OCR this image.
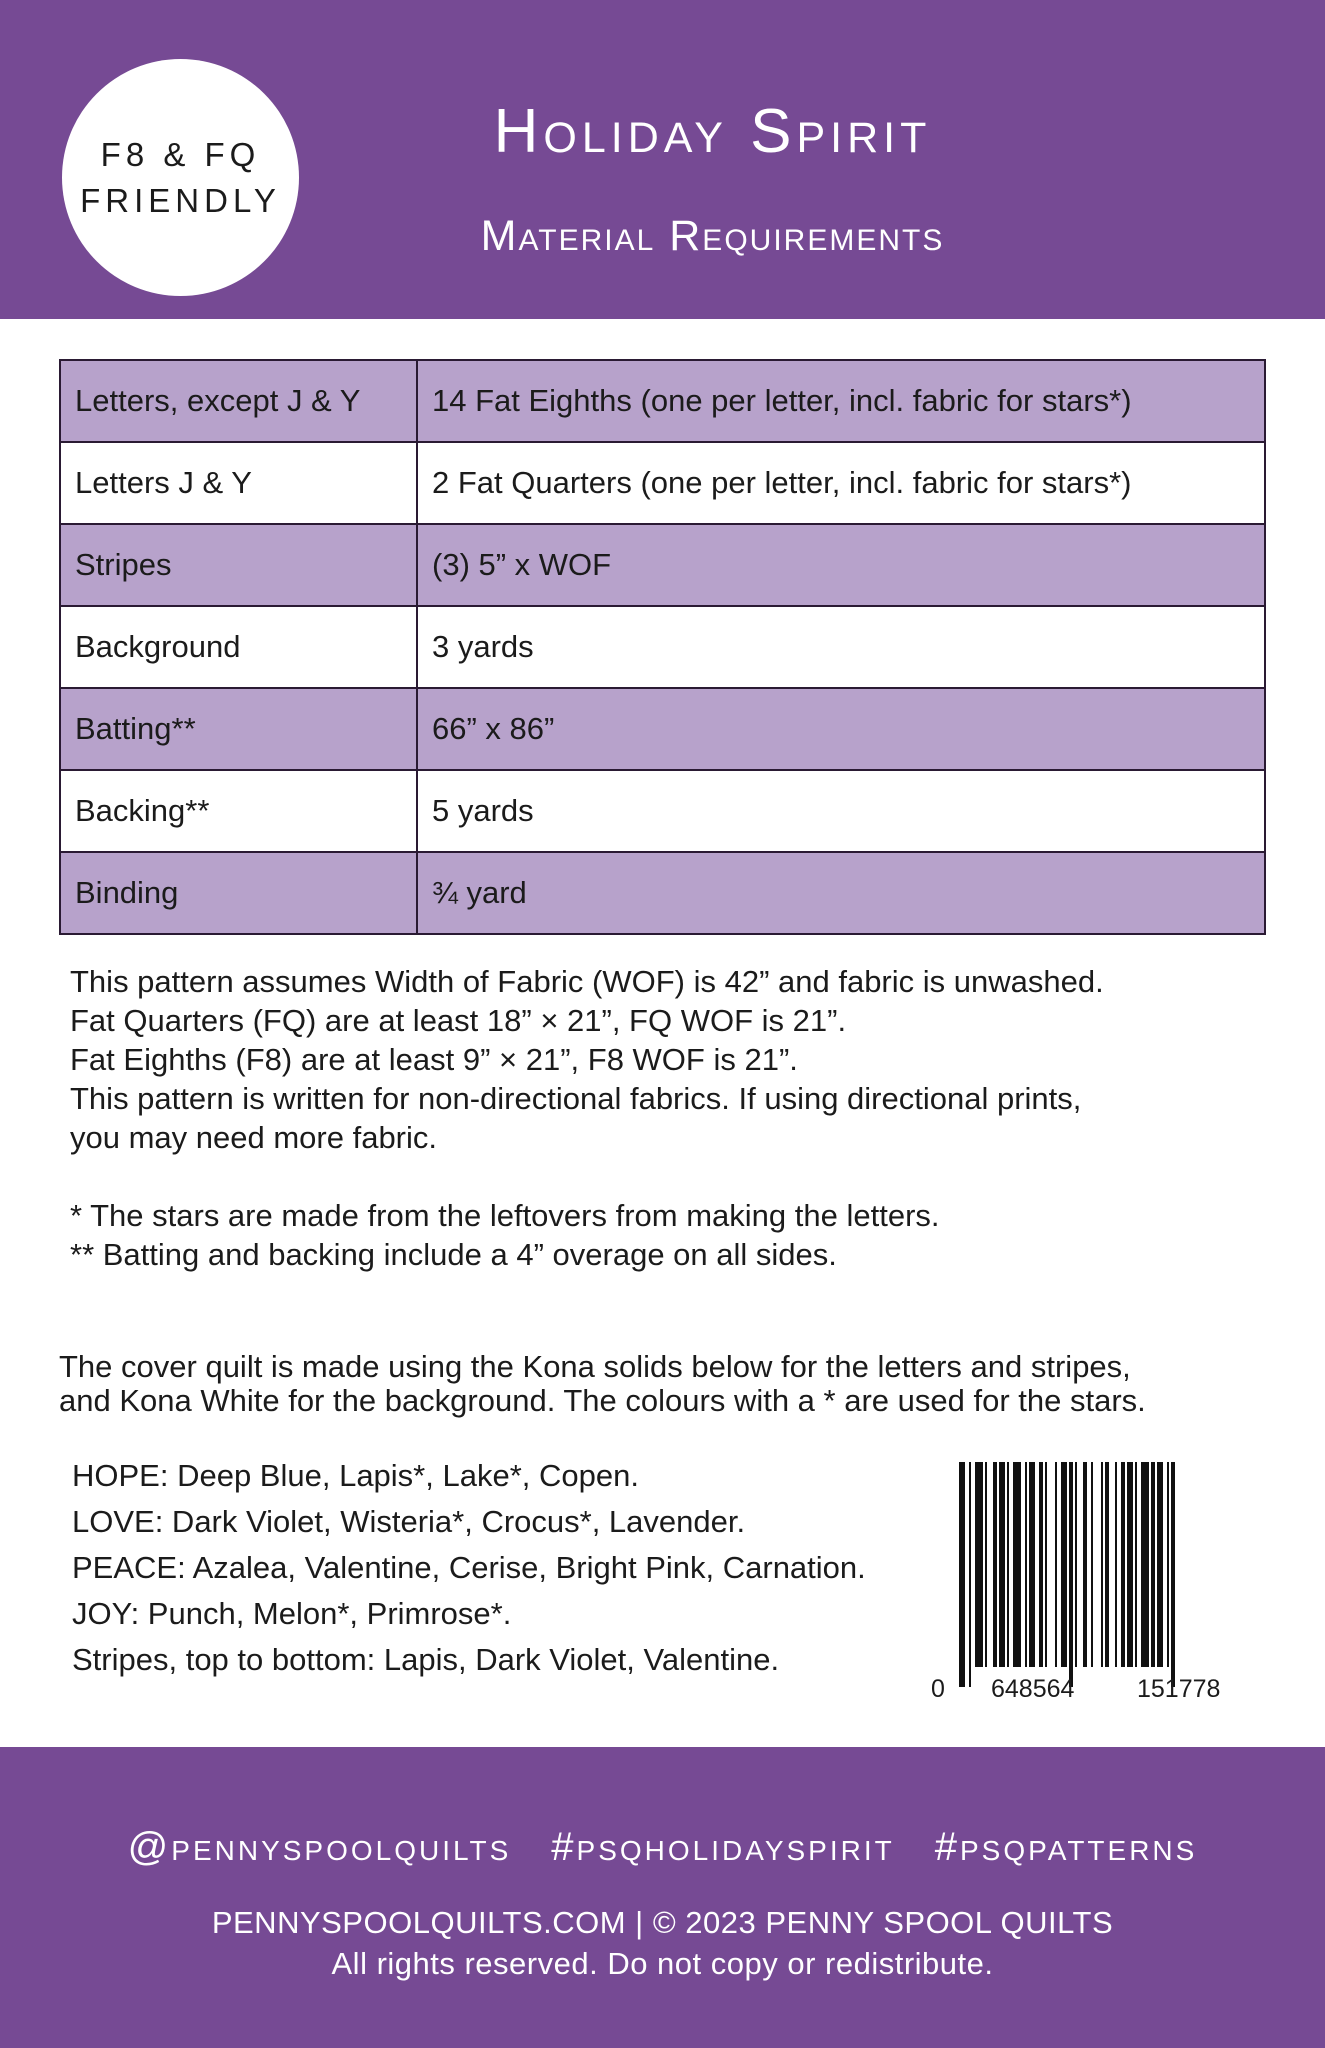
F8 & FQ
FRIENDLY
Holiday Spirit
Material Requirements
Letters, except J & Y	14 Fat Eighths (one per letter, incl. fabric for stars*)
Letters J & Y	2 Fat Quarters (one per letter, incl. fabric for stars*)
Stripes	(3) 5” x WOF
Background	3 yards
Batting**	66” x 86”
Backing**	5 yards
Binding	¾ yard
This pattern assumes Width of Fabric (WOF) is 42” and fabric is unwashed.
Fat Quarters (FQ) are at least 18” × 21”, FQ WOF is 21”.
Fat Eighths (F8) are at least 9” × 21”, F8 WOF is 21”.
This pattern is written for non-directional fabrics. If using directional prints,
you may need more fabric.
* The stars are made from the leftovers from making the letters.
** Batting and backing include a 4” overage on all sides.
The cover quilt is made using the Kona solids below for the letters and stripes,
and Kona White for the background. The colours with a * are used for the stars.
HOPE: Deep Blue, Lapis*, Lake*, Copen.
LOVE: Dark Violet, Wisteria*, Crocus*, Lavender.
PEACE: Azalea, Valentine, Cerise, Bright Pink, Carnation.
JOY: Punch, Melon*, Primrose*.
Stripes, top to bottom: Lapis, Dark Violet, Valentine.
0 648564	151778
@pennyspoolquilts #psqholidayspirit #psqpatterns
PENNYSPOOLQUILTS.COM | © 2023 PENNY SPOOL QUILTS
All rights reserved. Do not copy or redistribute.
